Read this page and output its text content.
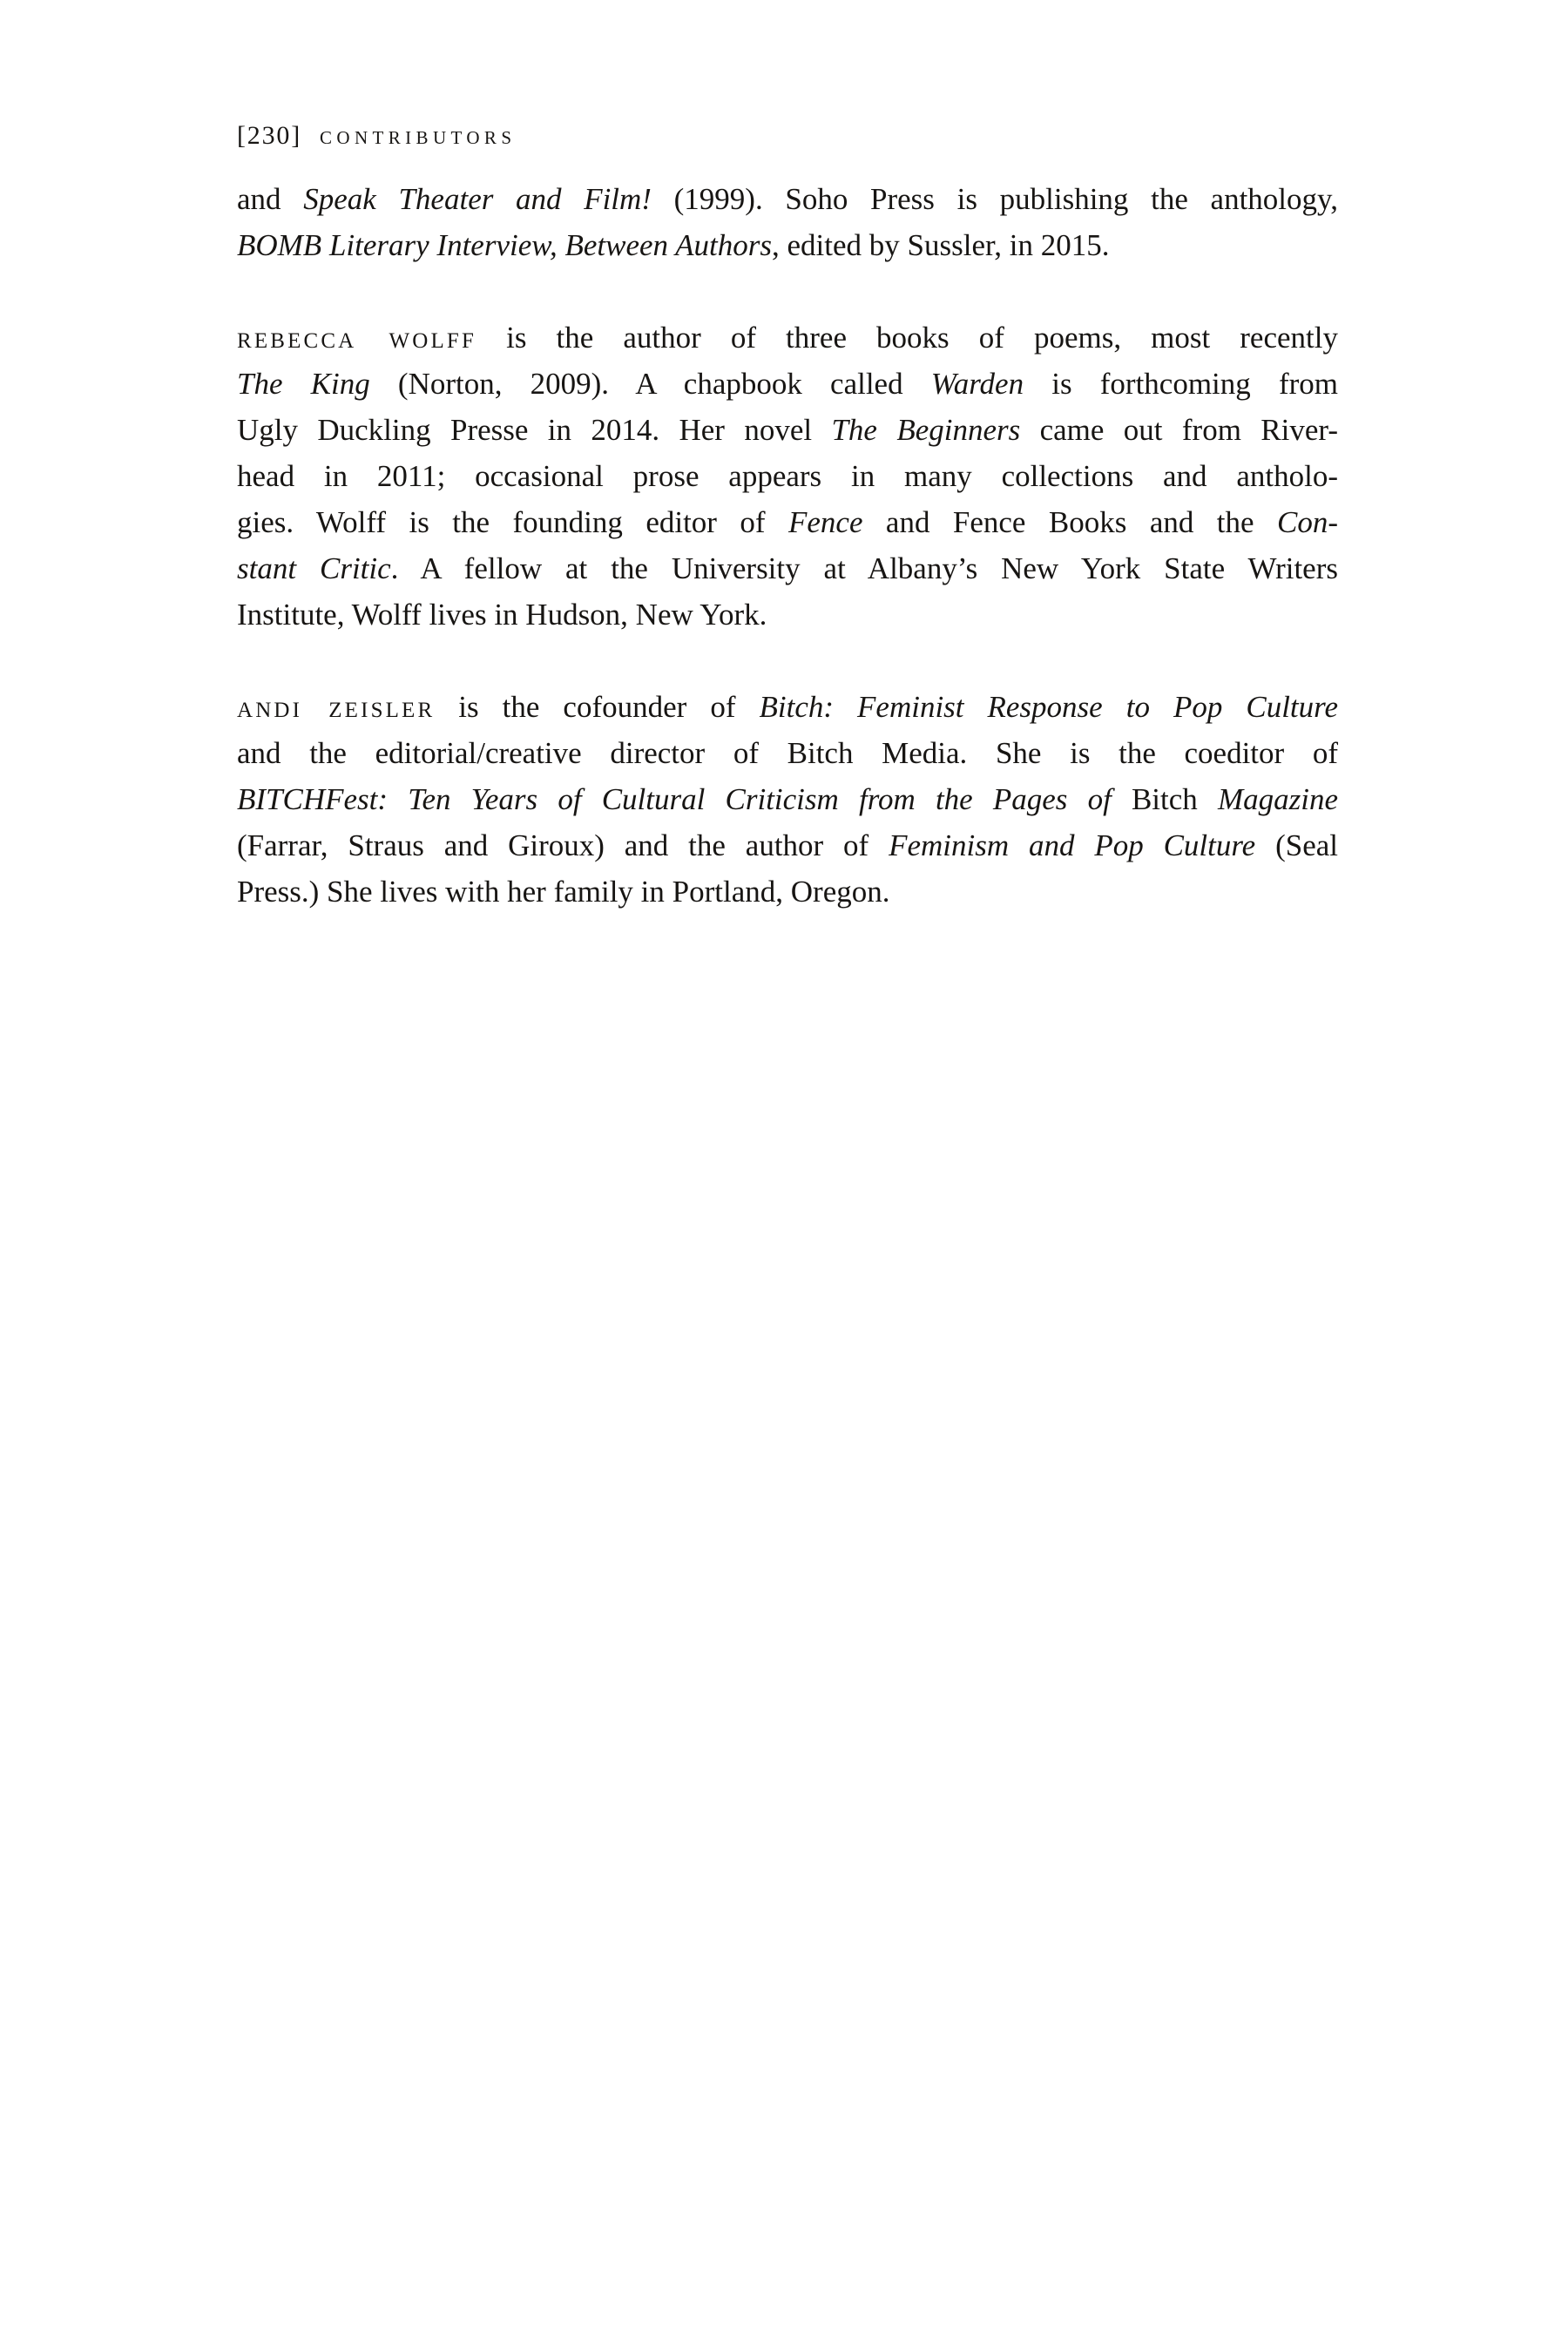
[230] contributors
and Speak Theater and Film! (1999). Soho Press is publishing the anthology,
BOMB Literary Interview, Between Authors, edited by Sussler, in 2015.
rebecca wolff is the author of three books of poems, most recently
The King (Norton, 2009). A chapbook called Warden is forthcoming from
Ugly Duckling Presse in 2014. Her novel The Beginners came out from River-
head in 2011; occasional prose appears in many collections and antholo-
gies. Wolff is the founding editor of Fence and Fence Books and the Con-
stant Critic. A fellow at the University at Albany’s New York State Writers
Institute, Wolff lives in Hudson, New York.
andi zeisler is the cofounder of Bitch: Feminist Response to Pop Culture
and the editorial/creative director of Bitch Media. She is the coeditor of
BITCHFest: Ten Years of Cultural Criticism from the Pages of Bitch Magazine
(Farrar, Straus and Giroux) and the author of Feminism and Pop Culture (Seal
Press.) She lives with her family in Portland, Oregon.
